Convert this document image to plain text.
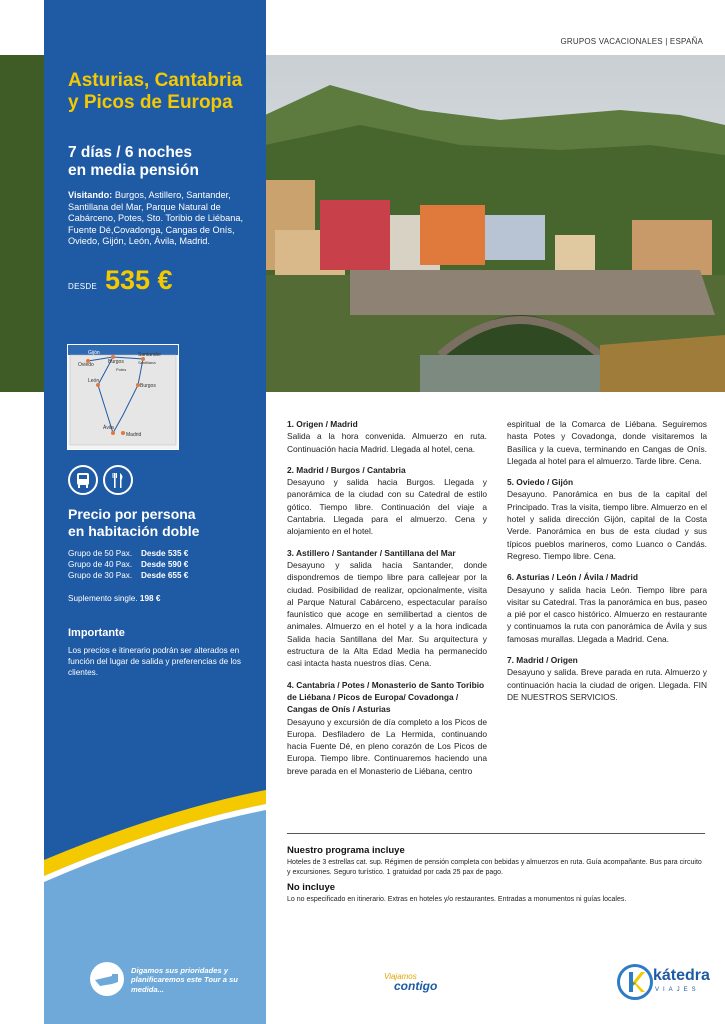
GRUPOS VACACIONALES | ESPAÑA
Asturias, Cantabria
y Picos de Europa
7 días / 6 noches
en media pensión
Visitando: Burgos, Astillero, Santander, Santillana del Mar, Parque Natural de Cabárceno, Potes, Sto. Toribio de Liébana, Fuente Dé,Covadonga, Cangas de Onís, Oviedo, Gijón, León, Ávila, Madrid.
DESDE 535 €
Gijón
Oviedo	Burgos
Santander
Santillana
Potes
León
Burgos
Ávila
Madrid
Precio por persona
en habitación doble
Grupo de 50 Pax. Desde 535 €
Grupo de 40 Pax. Desde 590 €
Grupo de 30 Pax. Desde 655 €
Suplemento single. 198 €
Importante
Los precios e itinerario podrán ser alterados en función del lugar de salida y preferencias de los clientes.
Digamos sus prioridades y planificaremos este Tour a su medida...
1. Origen / Madrid
Salida a la hora convenida. Almuerzo en ruta. Continuación hacia Madrid. Llegada al hotel, cena.
2. Madrid / Burgos / Cantabria
Desayuno y salida hacia Burgos. Llegada y panorámica de la ciudad con su Catedral de estilo gótico. Tiempo libre. Continuación del viaje a Cantabria. Llegada para el almuerzo. Cena y alojamiento en el hotel.
3. Astillero / Santander / Santillana del Mar
Desayuno y salida hacia Santander, donde dispondremos de tiempo libre para callejear por la ciudad. Posibilidad de realizar, opcionalmente, visita al Parque Natural Cabárceno, espectacular paraíso faunístico que acoge en semilibertad a cientos de animales. Almuerzo en el hotel y a la hora indicada Salida hacia Santillana del Mar. Su arquitectura y estructura de la Alta Edad Media ha permanecido casi intacta hasta nuestros días. Cena.
4. Cantabria / Potes / Monasterio de Santo Toribio de Liébana / Picos de Europa/ Covadonga / Cangas de Onís / Asturias
Desayuno y excursión de día completo a los Picos de Europa. Desfiladero de La Hermida, continuando hacia Fuente Dé, en pleno corazón de Los Picos de Europa. Tiempo libre. Continuaremos haciendo una breve parada en el Monasterio de Liébana, centro
espiritual de la Comarca de Liébana. Seguiremos hasta Potes y Covadonga, donde visitaremos la Basílica y la cueva, terminando en Cangas de Onís. Llegada al hotel para el almuerzo. Tarde libre. Cena.
5. Oviedo / Gijón
Desayuno. Panorámica en bus de la capital del Principado. Tras la visita, tiempo libre. Almuerzo en el hotel y salida dirección Gijón, capital de la Costa Verde. Panorámica en bus de esta ciudad y sus típicos pueblos marineros, como Luanco o Candás. Regreso. Tiempo libre. Cena.
6. Asturias / León / Ávila / Madrid
Desayuno y salida hacia León. Tiempo libre para visitar su Catedral. Tras la panorámica en bus, paseo a pié por el casco histórico. Almuerzo en restaurante y continuamos la ruta con panorámica de Ávila y sus famosas murallas. Llegada a Madrid. Cena.
7. Madrid / Origen
Desayuno y salida. Breve parada en ruta. Almuerzo y continuación hacia la ciudad de origen. Llegada. FIN DE NUESTROS SERVICIOS.
Nuestro programa incluye
Hoteles de 3 estrellas cat. sup. Régimen de pensión completa con bebidas y almuerzos en ruta. Guía acompañante. Bus para circuito y excursiones. Seguro turístico. 1 gratuidad por cada 25 pax de pago.
No incluye
Lo no especificado en itinerario. Extras en hoteles y/o restaurantes. Entradas a monumentos ni guías locales.
Viajamos
contigo
kátedra
VIAJES
